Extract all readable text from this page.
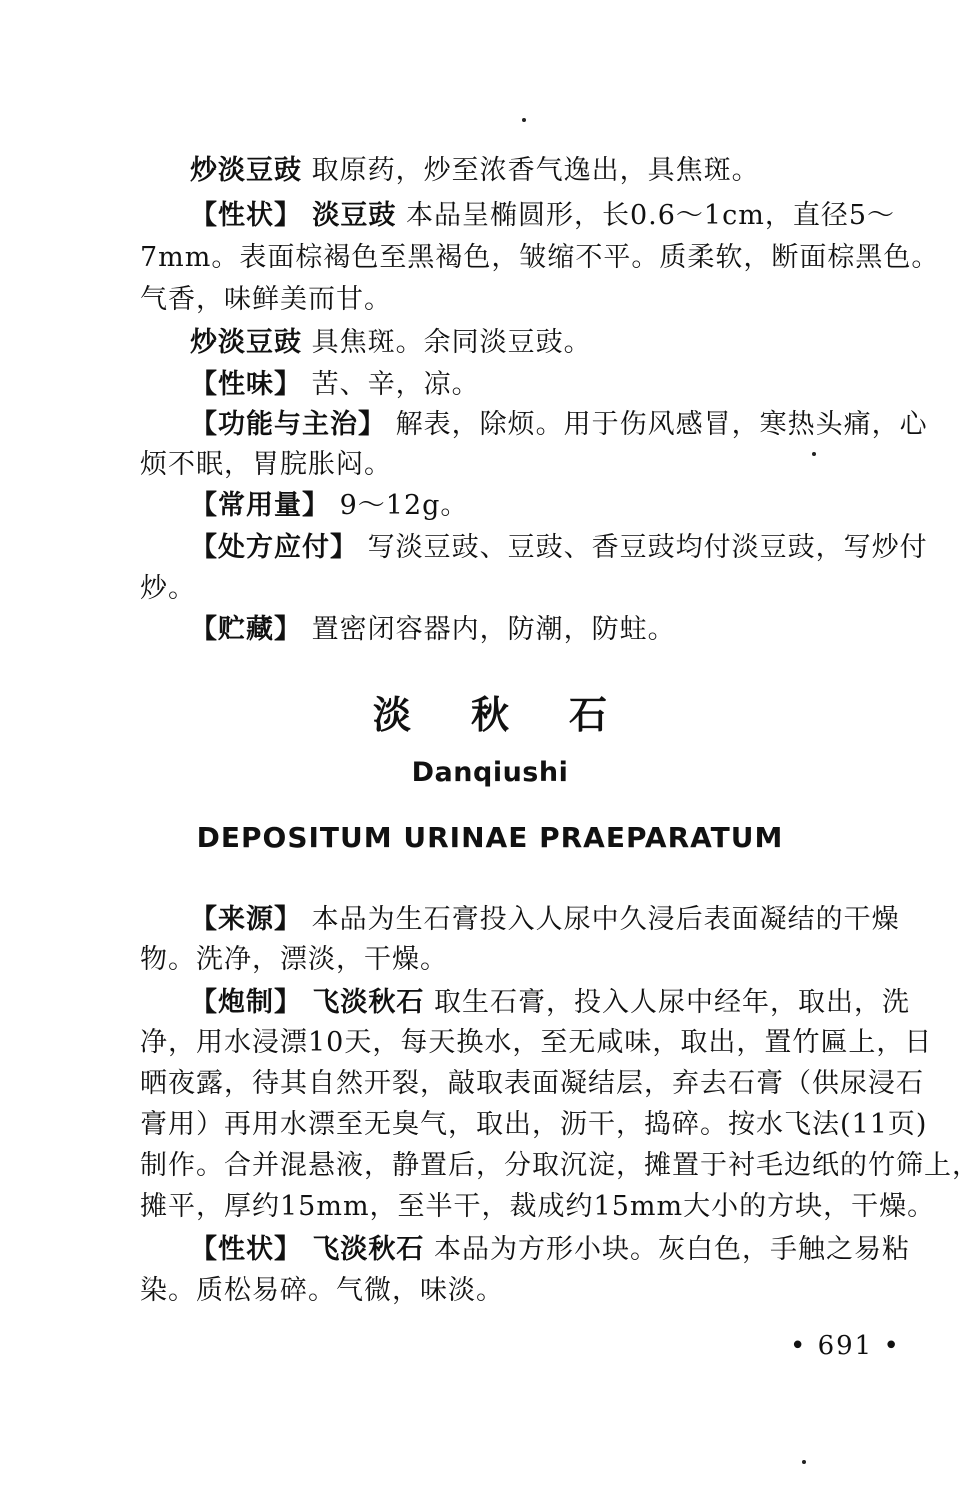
炒淡豆豉 取原药，炒至浓香气逸出，具焦斑。
【性状】 淡豆豉 本品呈椭圆形，长0.6～1cm，直径5～
7mm。表面棕褐色至黑褐色，皱缩不平。质柔软，断面棕黑色。
气香，味鲜美而甘。
炒淡豆豉 具焦斑。余同淡豆豉。
【性味】 苦、辛，凉。
【功能与主治】 解表，除烦。用于伤风感冒，寒热头痛，心
烦不眠，胃脘胀闷。
【常用量】 9～12g。
【处方应付】 写淡豆豉、豆豉、香豆豉均付淡豆豉，写炒付
炒。
【贮藏】 置密闭容器内，防潮，防蛀。
淡秋石
Danqiushi
DEPOSITUM URINAE PRAEPARATUM
【来源】 本品为生石膏投入人尿中久浸后表面凝结的干燥
物。洗净，漂淡，干燥。
【炮制】 飞淡秋石 取生石膏，投入人尿中经年，取出，洗
净，用水浸漂10天，每天换水，至无咸味，取出，置竹匾上，日
晒夜露，待其自然开裂，敲取表面凝结层，弃去石膏（供尿浸石
膏用）再用水漂至无臭气，取出，沥干，捣碎。按水飞法(11页)
制作。合并混悬液，静置后，分取沉淀，摊置于衬毛边纸的竹筛上，
摊平，厚约15mm，至半干，裁成约15mm大小的方块，干燥。
【性状】 飞淡秋石 本品为方形小块。灰白色，手触之易粘
染。质松易碎。气微，味淡。
• 691 •
